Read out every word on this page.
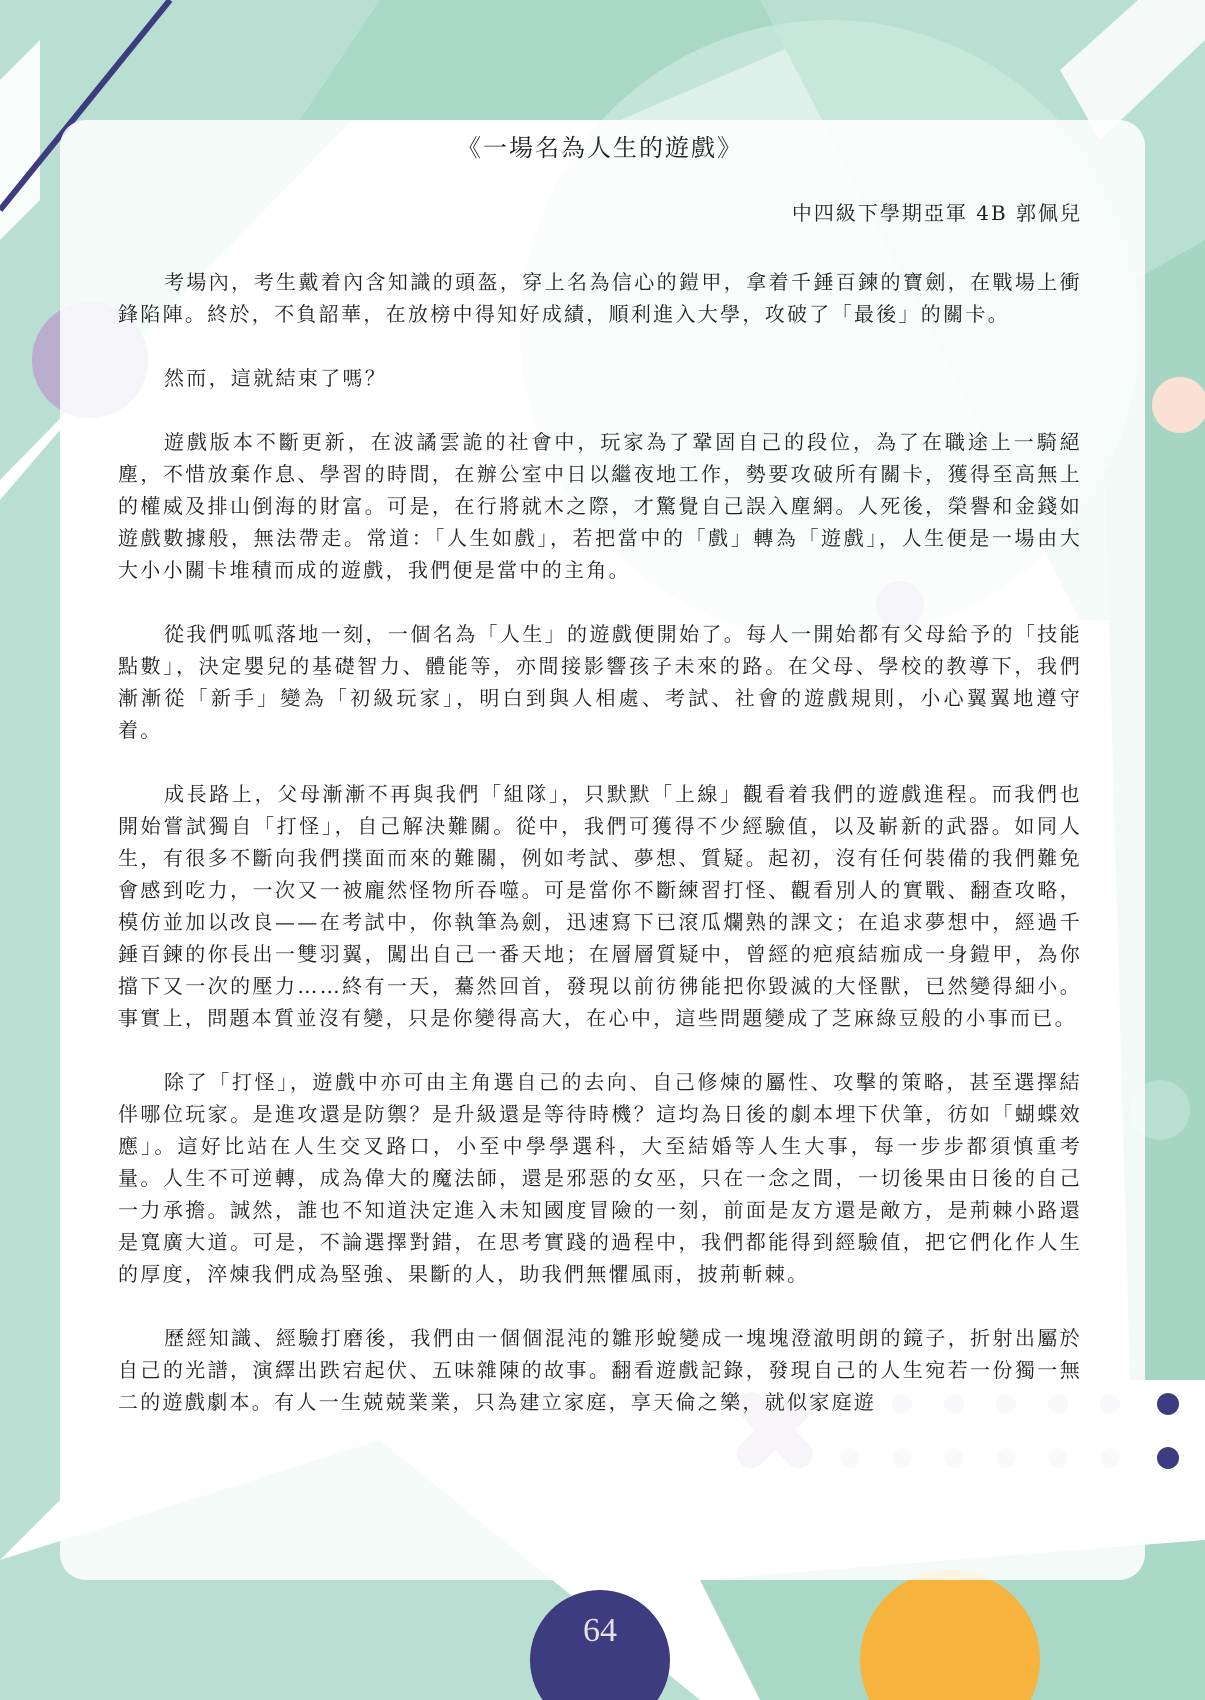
《一場名為人生的遊戲》
中四級下學期亞軍 4B 郭佩兒

考場內，考生戴着內含知識的頭盔，穿上名為信心的鎧甲，拿着千錘百鍊的寶劍，在戰場上衝鋒陷陣。終於，不負韶華，在放榜中得知好成績，順利進入大學，攻破了「最後」的關卡。

然而，這就結束了嗎？

遊戲版本不斷更新，在波譎雲詭的社會中，玩家為了鞏固自己的段位，為了在職途上一騎絕塵，不惜放棄作息、學習的時間，在辦公室中日以繼夜地工作，勢要攻破所有關卡，獲得至高無上的權威及排山倒海的財富。可是，在行將就木之際，才驚覺自己誤入塵網。人死後，榮譽和金錢如遊戲數據般，無法帶走。常道：「人生如戲」，若把當中的「戲」轉為「遊戲」，人生便是一場由大大小小關卡堆積而成的遊戲，我們便是當中的主角。

從我們呱呱落地一刻，一個名為「人生」的遊戲便開始了。每人一開始都有父母給予的「技能點數」，決定嬰兒的基礎智力、體能等，亦間接影響孩子未來的路。在父母、學校的教導下，我們漸漸從「新手」變為「初級玩家」，明白到與人相處、考試、社會的遊戲規則，小心翼翼地遵守着。

成長路上，父母漸漸不再與我們「組隊」，只默默「上線」觀看着我們的遊戲進程。而我們也開始嘗試獨自「打怪」，自己解決難關。從中，我們可獲得不少經驗值，以及嶄新的武器。如同人生，有很多不斷向我們撲面而來的難關，例如考試、夢想、質疑。起初，沒有任何裝備的我們難免會感到吃力，一次又一被龐然怪物所吞噬。可是當你不斷練習打怪、觀看別人的實戰、翻查攻略，模仿並加以改良——在考試中，你執筆為劍，迅速寫下已滾瓜爛熟的課文；在追求夢想中，經過千錘百鍊的你長出一雙羽翼，闖出自己一番天地；在層層質疑中，曾經的疤痕結痂成一身鎧甲，為你擋下又一次的壓力……終有一天，驀然回首，發現以前彷彿能把你毀滅的大怪獸，已然變得細小。事實上，問題本質並沒有變，只是你變得高大，在心中，這些問題變成了芝麻綠豆般的小事而已。

除了「打怪」，遊戲中亦可由主角選自己的去向、自己修煉的屬性、攻擊的策略，甚至選擇結伴哪位玩家。是進攻還是防禦？是升級還是等待時機？這均為日後的劇本埋下伏筆，彷如「蝴蝶效應」。這好比站在人生交叉路口，小至中學學選科，大至結婚等人生大事，每一步步都須慎重考量。人生不可逆轉，成為偉大的魔法師，還是邪惡的女巫，只在一念之間，一切後果由日後的自己一力承擔。誠然，誰也不知道決定進入未知國度冒險的一刻，前面是友方還是敵方，是荊棘小路還是寬廣大道。可是，不論選擇對錯，在思考實踐的過程中，我們都能得到經驗值，把它們化作人生的厚度，淬煉我們成為堅強、果斷的人，助我們無懼風雨，披荊斬棘。

歷經知識、經驗打磨後，我們由一個個混沌的雛形蛻變成一塊塊澄澈明朗的鏡子，折射出屬於自己的光譜，演繹出跌宕起伏、五味雜陳的故事。翻看遊戲記錄，發現自己的人生宛若一份獨一無二的遊戲劇本。有人一生兢兢業業，只為建立家庭，享天倫之樂，就似家庭遊

64
